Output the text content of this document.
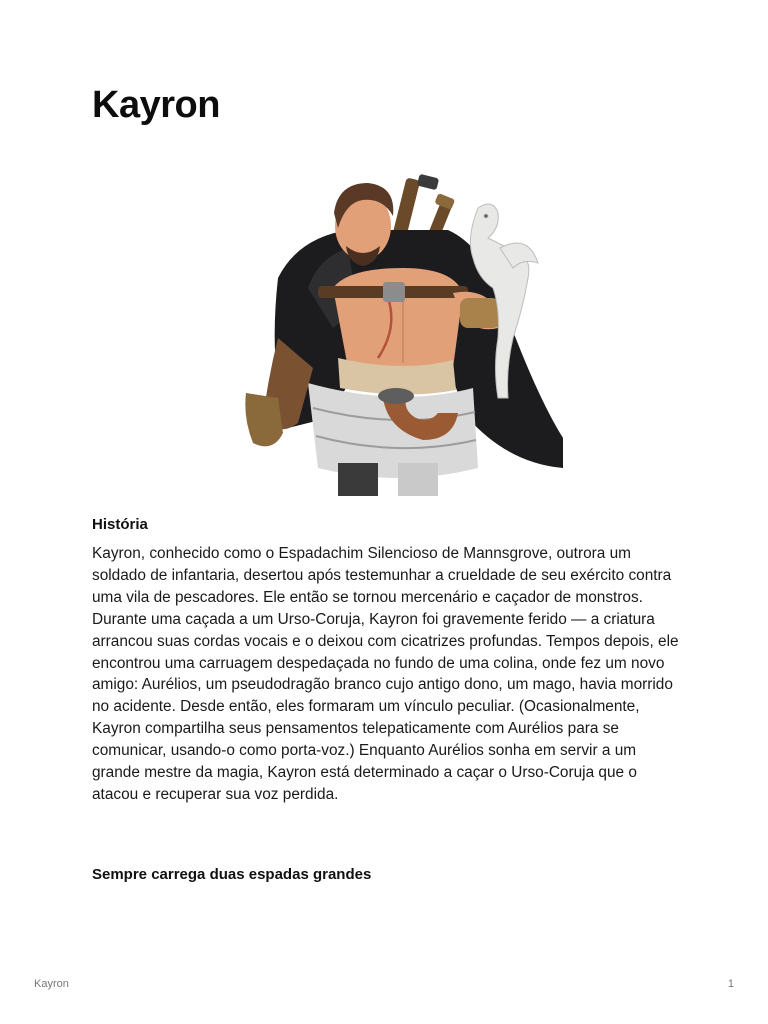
Kayron
História

Kayron, conhecido como o Espadachim Silencioso de Mannsgrove, outrora um soldado de infantaria, desertou após testemunhar a crueldade de seu exército contra uma vila de pescadores. Ele então se tornou mercenário e caçador de monstros. Durante uma caçada a um Urso-Coruja, Kayron foi gravemente ferido — a criatura arrancou suas cordas vocais e o deixou com cicatrizes profundas. Tempos depois, ele encontrou uma carruagem despedaçada no fundo de uma colina, onde fez um novo amigo: Aurélios, um pseudodragão branco cujo antigo dono, um mago, havia morrido no acidente. Desde então, eles formaram um vínculo peculiar. (Ocasionalmente, Kayron compartilha seus pensamentos telepaticamente com Aurélios para se comunicar, usando-o como porta-voz.) Enquanto Aurélios sonha em servir a um grande mestre da magia, Kayron está determinado a caçar o Urso-Coruja que o atacou e recuperar sua voz perdida.

Sempre carrega duas espadas grandes

Kayron	1
